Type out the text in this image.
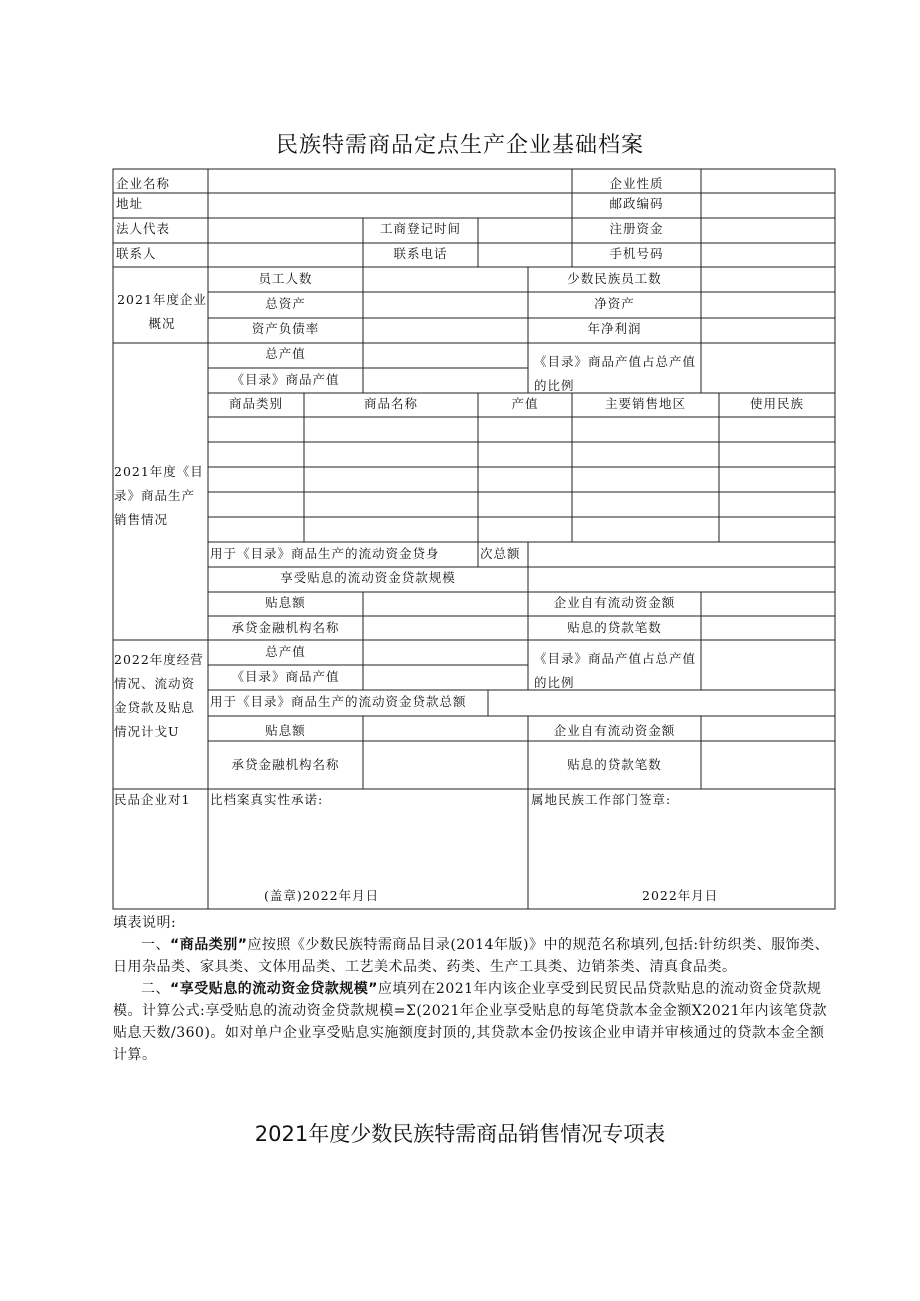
民族特需商品定点生产企业基础档案
企业名称	企业性质
地址	邮政编码
法人代表	工商登记时间	注册资金
联系人	联系电话	手机号码
2021年度企业概况
员工人数	少数民族员工数
总资产	净资产
资产负债率	年净利润
2021年度《目录》商品生产销售情况
总产值
《目录》商品产值
《目录》商品产值占总产值的比例
商品类别	商品名称	产值	主要销售地区	使用民族
用于《目录》商品生产的流动资金贷身	次总额
享受贴息的流动资金贷款规模
贴息额	企业自有流动资金额
承贷金融机构名称	贴息的贷款笔数
2022年度经营情况、流动资金贷款及贴息情况计戈U
总产值
《目录》商品产值
《目录》商品产值占总产值的比例
用于《目录》商品生产的流动资金贷款总额
贴息额	企业自有流动资金额
承贷金融机构名称	贴息的贷款笔数
民品企业对1 比档案真实性承诺:	属地民族工作部门签章:
(盖章)2022年月日	2022年月日

填表说明:

一、“商品类别”应按照《少数民族特需商品目录(2014年版)》中的规范名称填列,包括:针纺织类、服饰类、日用杂品类、家具类、文体用品类、工艺美术品类、药类、生产工具类、边销茶类、清真食品类。

二、“享受贴息的流动资金贷款规模”应填列在2021年内该企业享受到民贸民品贷款贴息的流动资金贷款规模。计算公式:享受贴息的流动资金贷款规模=Σ(2021年企业享受贴息的每笔贷款本金金额X2021年内该笔贷款贴息天数/360)。如对单户企业享受贴息实施额度封顶的,其贷款本金仍按该企业申请并审核通过的贷款本金全额计算。

2021年度少数民族特需商品销售情况专项表
